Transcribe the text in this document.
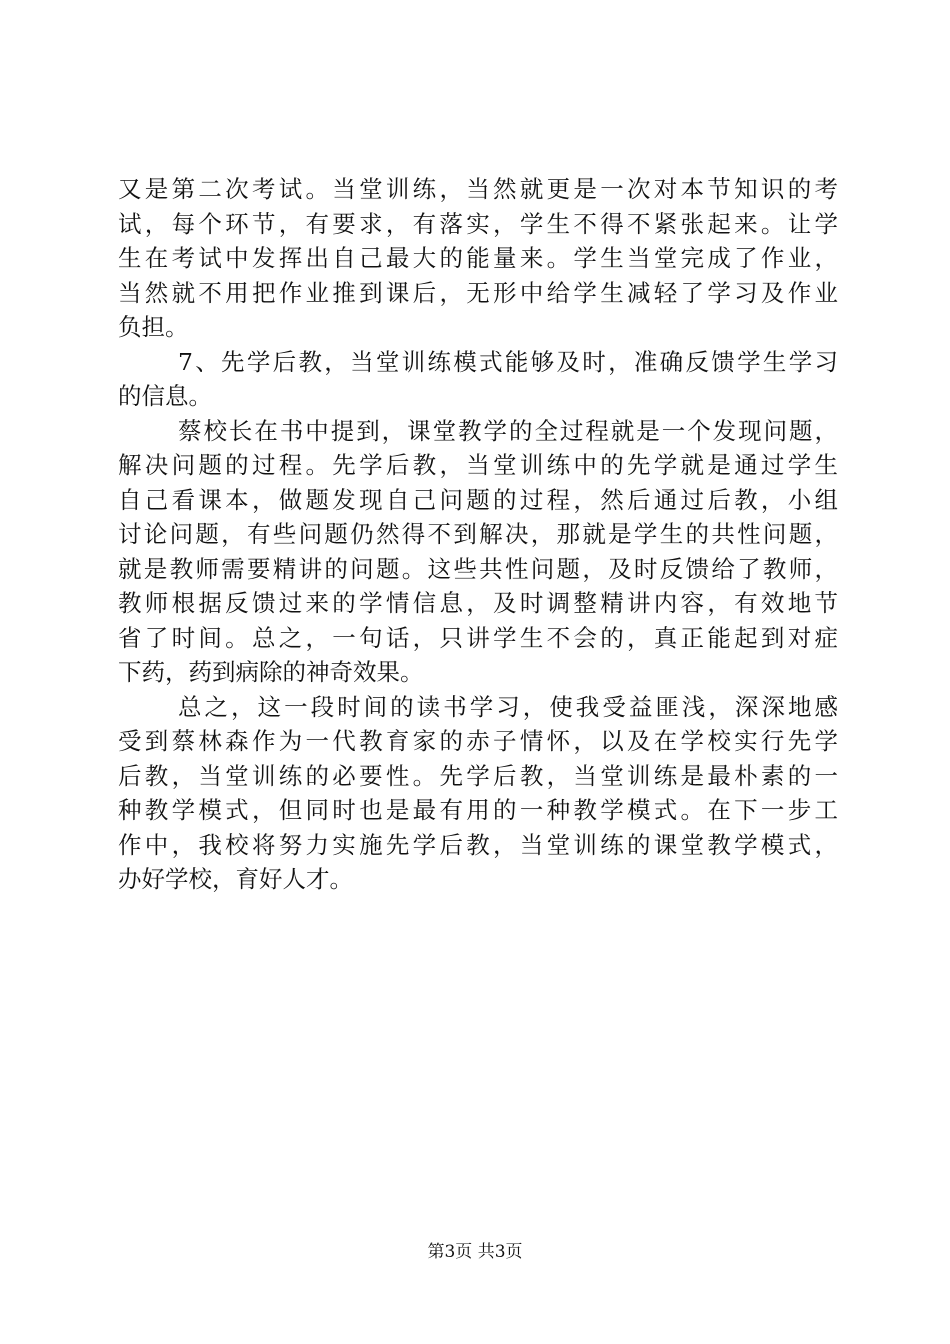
又是第二次考试。当堂训练，当然就更是一次对本节知识的考
试，每个环节，有要求，有落实，学生不得不紧张起来。让学
生在考试中发挥出自己最大的能量来。学生当堂完成了作业，
当然就不用把作业推到课后，无形中给学生减轻了学习及作业
负担。
7、先学后教，当堂训练模式能够及时，准确反馈学生学习
的信息。
蔡校长在书中提到，课堂教学的全过程就是一个发现问题，
解决问题的过程。先学后教，当堂训练中的先学就是通过学生
自己看课本，做题发现自己问题的过程，然后通过后教，小组
讨论问题，有些问题仍然得不到解决，那就是学生的共性问题，
就是教师需要精讲的问题。这些共性问题，及时反馈给了教师，
教师根据反馈过来的学情信息，及时调整精讲内容，有效地节
省了时间。总之，一句话，只讲学生不会的，真正能起到对症
下药，药到病除的神奇效果。
总之，这一段时间的读书学习，使我受益匪浅，深深地感
受到蔡林森作为一代教育家的赤子情怀，以及在学校实行先学
后教，当堂训练的必要性。先学后教，当堂训练是最朴素的一
种教学模式，但同时也是最有用的一种教学模式。在下一步工
作中，我校将努力实施先学后教，当堂训练的课堂教学模式，
办好学校，育好人才。
第3页 共3页
